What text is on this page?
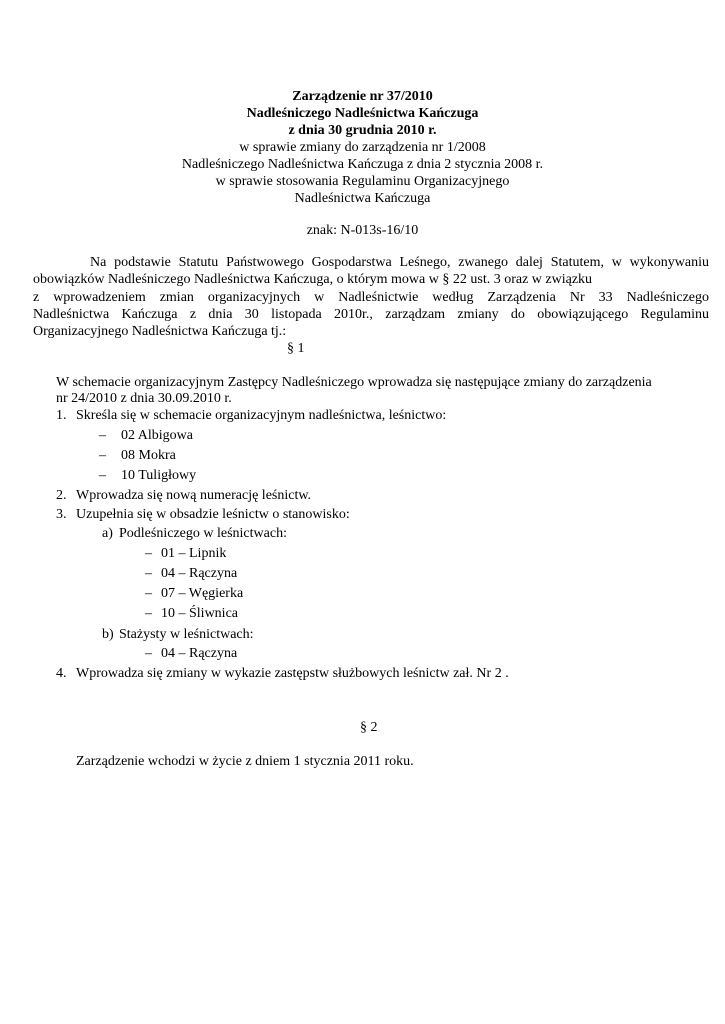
Zarządzenie nr 37/2010
Nadleśniczego Nadleśnictwa Kańczuga
z dnia 30 grudnia 2010 r.
w sprawie zmiany do zarządzenia nr 1/2008
Nadleśniczego Nadleśnictwa Kańczuga z dnia 2 stycznia 2008 r.
w sprawie stosowania Regulaminu Organizacyjnego
Nadleśnictwa Kańczuga
znak: N-013s-16/10
Na podstawie Statutu Państwowego Gospodarstwa Leśnego, zwanego dalej Statutem, w wykonywaniu
obowiązków Nadleśniczego Nadleśnictwa Kańczuga, o którym mowa w § 22 ust. 3 oraz w związku
z wprowadzeniem zmian organizacyjnych w Nadleśnictwie według Zarządzenia Nr 33 Nadleśniczego
Nadleśnictwa Kańczuga z dnia 30 listopada 2010r., zarządzam zmiany do obowiązującego Regulaminu
Organizacyjnego Nadleśnictwa Kańczuga tj.:
§ 1
W schemacie organizacyjnym Zastępcy Nadleśniczego wprowadza się następujące zmiany do zarządzenia
nr 24/2010 z dnia 30.09.2010 r.
1. Skreśla się w schemacie organizacyjnym nadleśnictwa, leśnictwo:
– 02 Albigowa
– 08 Mokra
– 10 Tuligłowy
2. Wprowadza się nową numerację leśnictw.
3. Uzupełnia się w obsadzie leśnictw o stanowisko:
a) Podleśniczego w leśnictwach:
– 01 – Lipnik
– 04 – Rączyna
– 07 – Węgierka
– 10 – Śliwnica
b) Stażysty w leśnictwach:
– 04 – Rączyna
4. Wprowadza się zmiany w wykazie zastępstw służbowych leśnictw zał. Nr 2 .
§ 2
Zarządzenie wchodzi w życie z dniem 1 stycznia 2011 roku.
